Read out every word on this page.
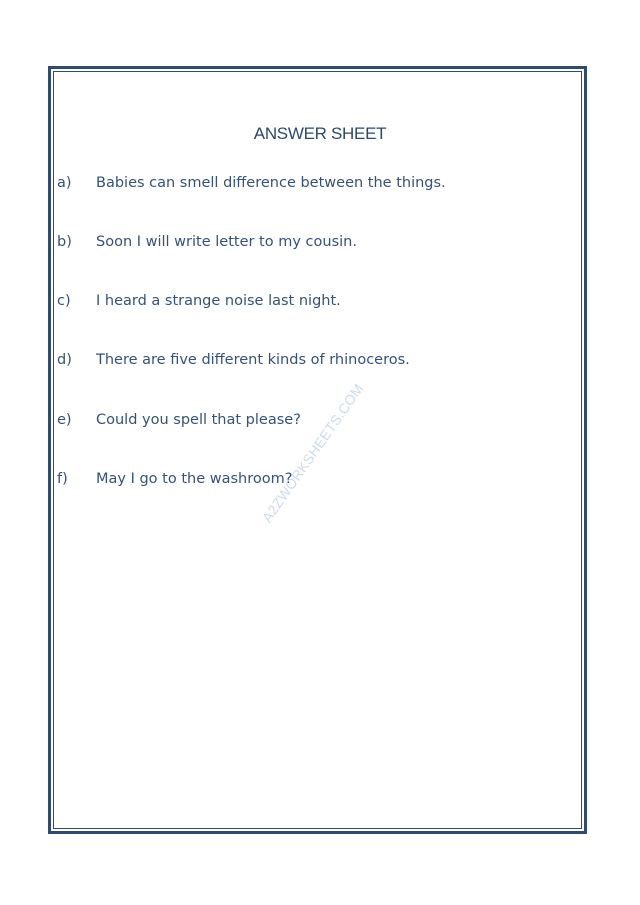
ANSWER SHEET
a) Babies can smell difference between the things.
b) Soon I will write letter to my cousin.
c) I heard a strange noise last night.
d) There are five different kinds of rhinoceros.
e) Could you spell that please?
f) May I go to the washroom?
A2ZWORKSHEETS.COM
